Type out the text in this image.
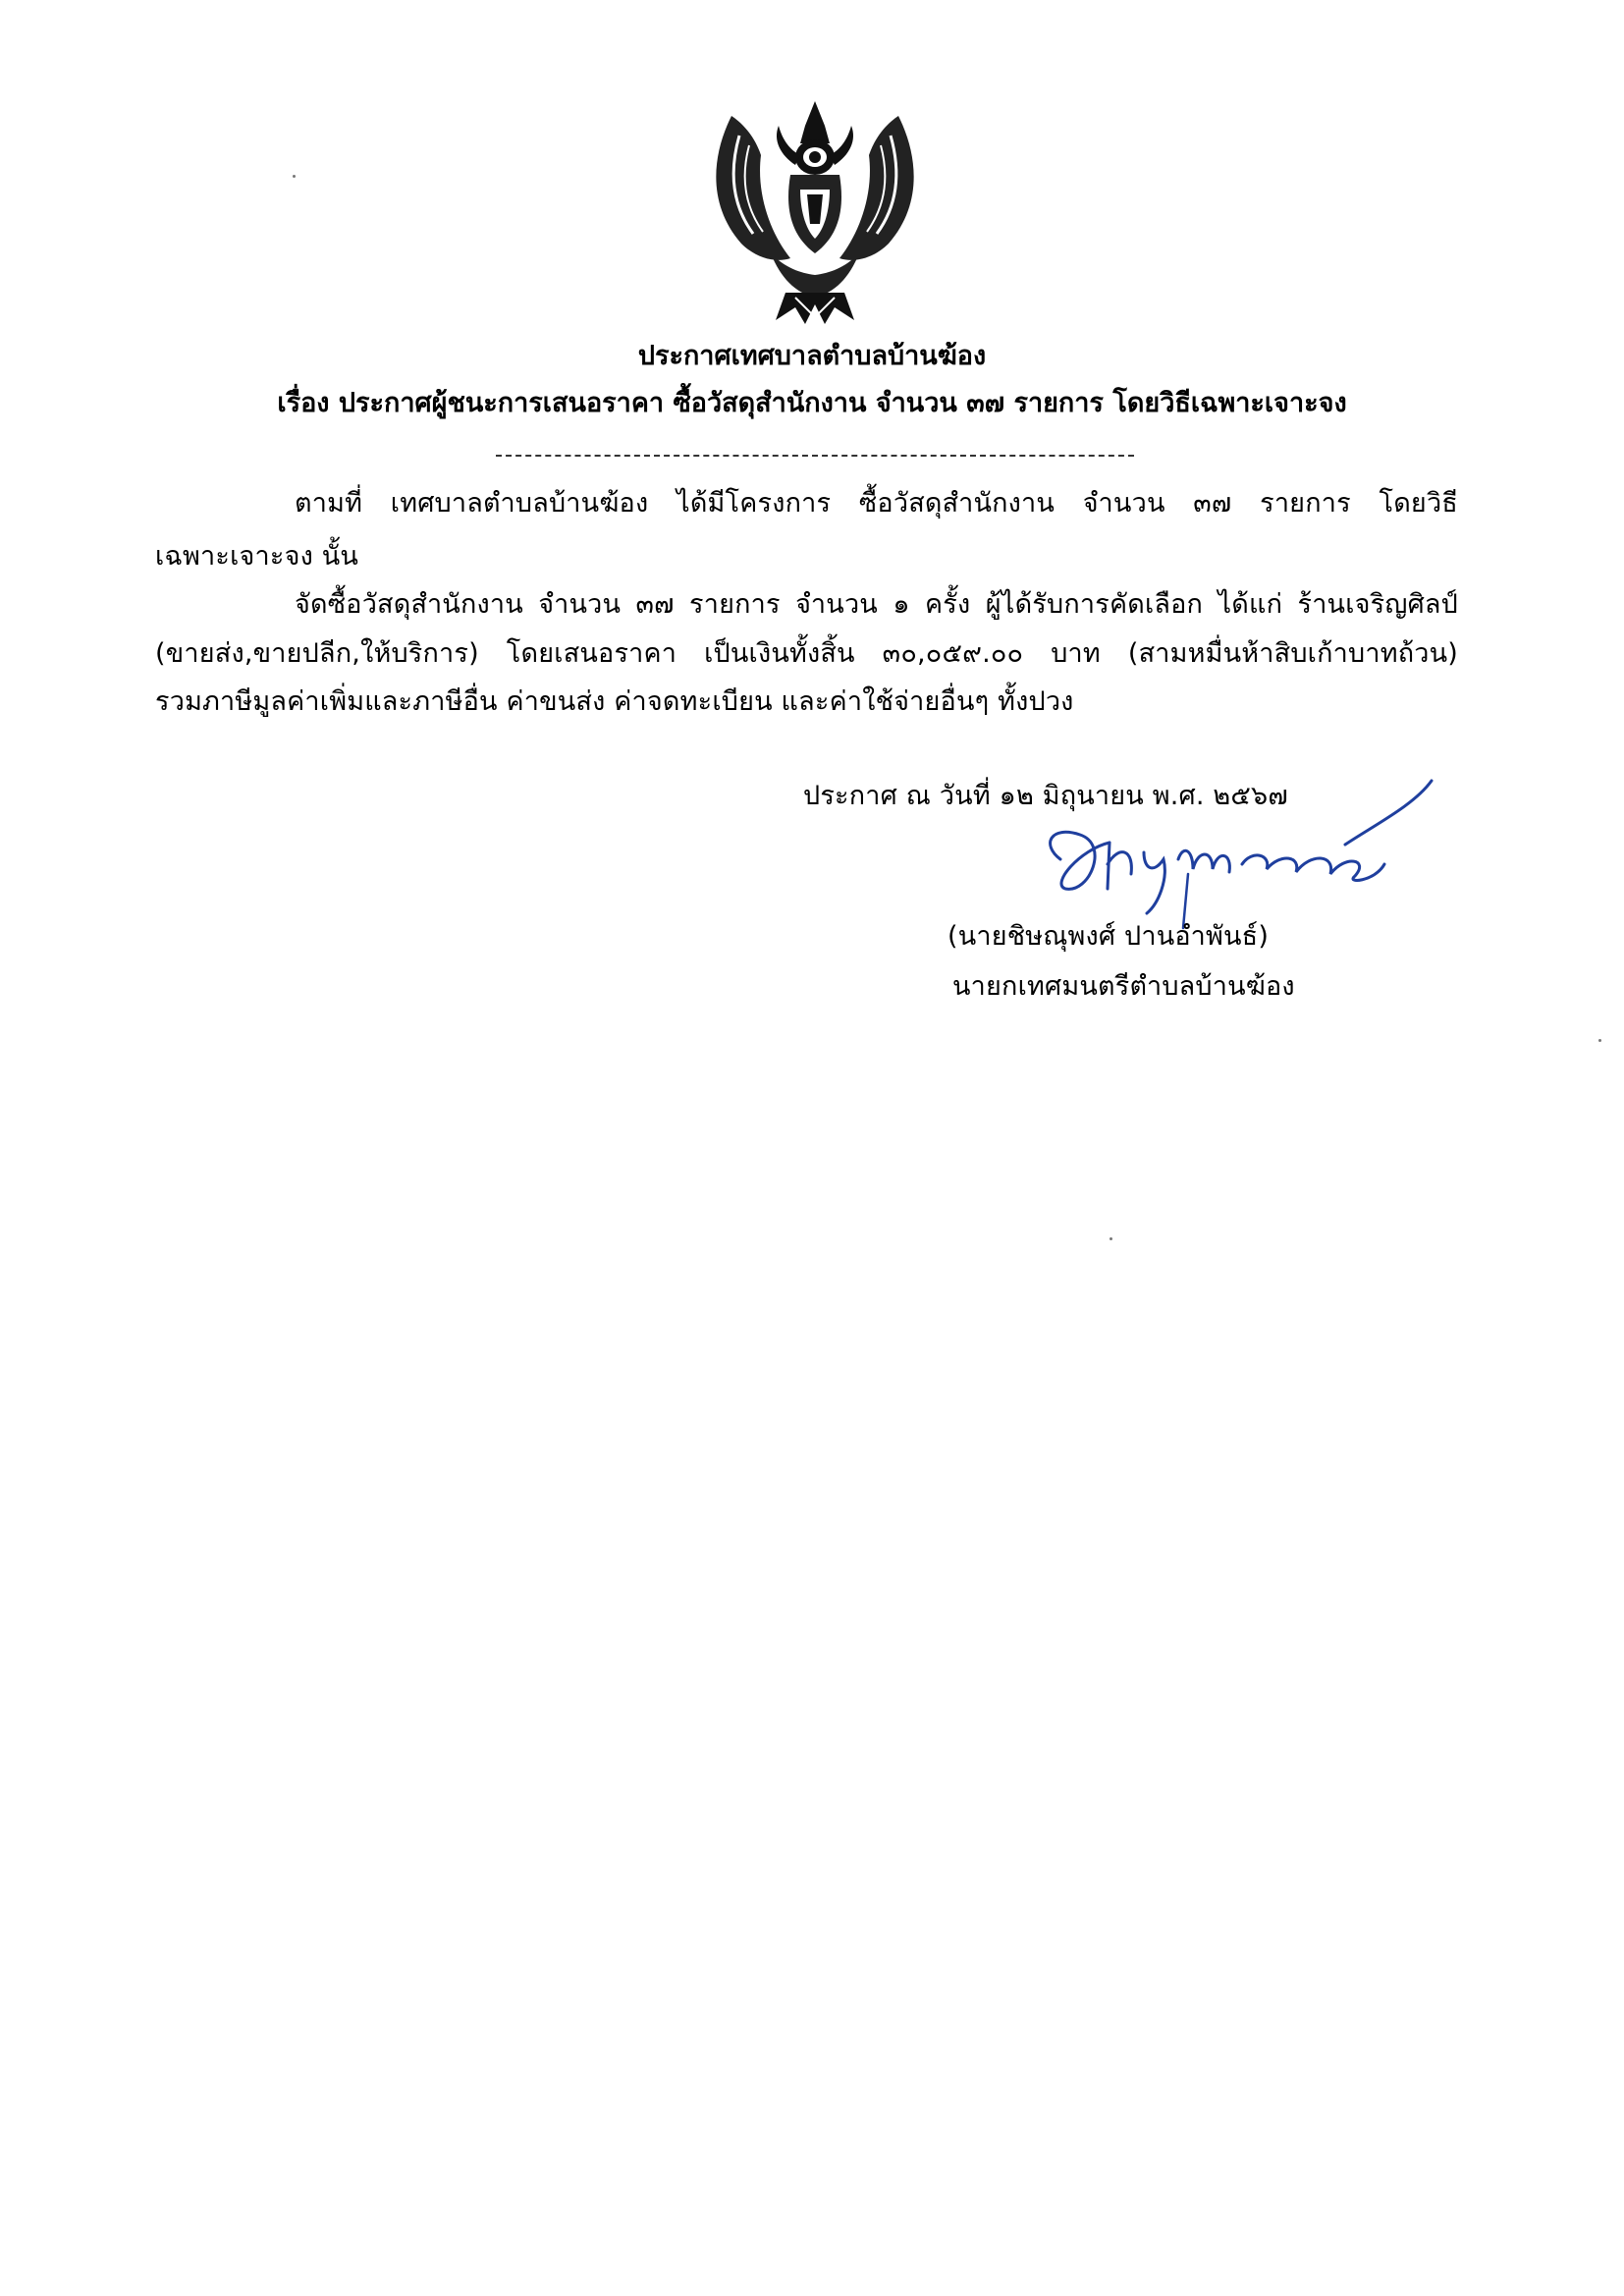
ประกาศเทศบาลตำบลบ้านฆ้อง
เรื่อง ประกาศผู้ชนะการเสนอราคา ซื้อวัสดุสำนักงาน จำนวน ๓๗ รายการ โดยวิธีเฉพาะเจาะจง
ตามที่ เทศบาลตำบลบ้านฆ้อง ได้มีโครงการ ซื้อวัสดุสำนักงาน จำนวน ๓๗ รายการ โดยวิธี
เฉพาะเจาะจง นั้น
จัดซื้อวัสดุสำนักงาน จำนวน ๓๗ รายการ จำนวน ๑ ครั้ง ผู้ได้รับการคัดเลือก ได้แก่ ร้านเจริญศิลป์
(ขายส่ง,ขายปลีก,ให้บริการ) โดยเสนอราคา เป็นเงินทั้งสิ้น ๓๐,๐๕๙.๐๐ บาท (สามหมื่นห้าสิบเก้าบาทถ้วน)
รวมภาษีมูลค่าเพิ่มและภาษีอื่น ค่าขนส่ง ค่าจดทะเบียน และค่าใช้จ่ายอื่นๆ ทั้งปวง
ประกาศ ณ วันที่ ๑๒ มิถุนายน พ.ศ. ๒๕๖๗
(นายชิษณุพงศ์ ปานอำพันธ์)
นายกเทศมนตรีตำบลบ้านฆ้อง
